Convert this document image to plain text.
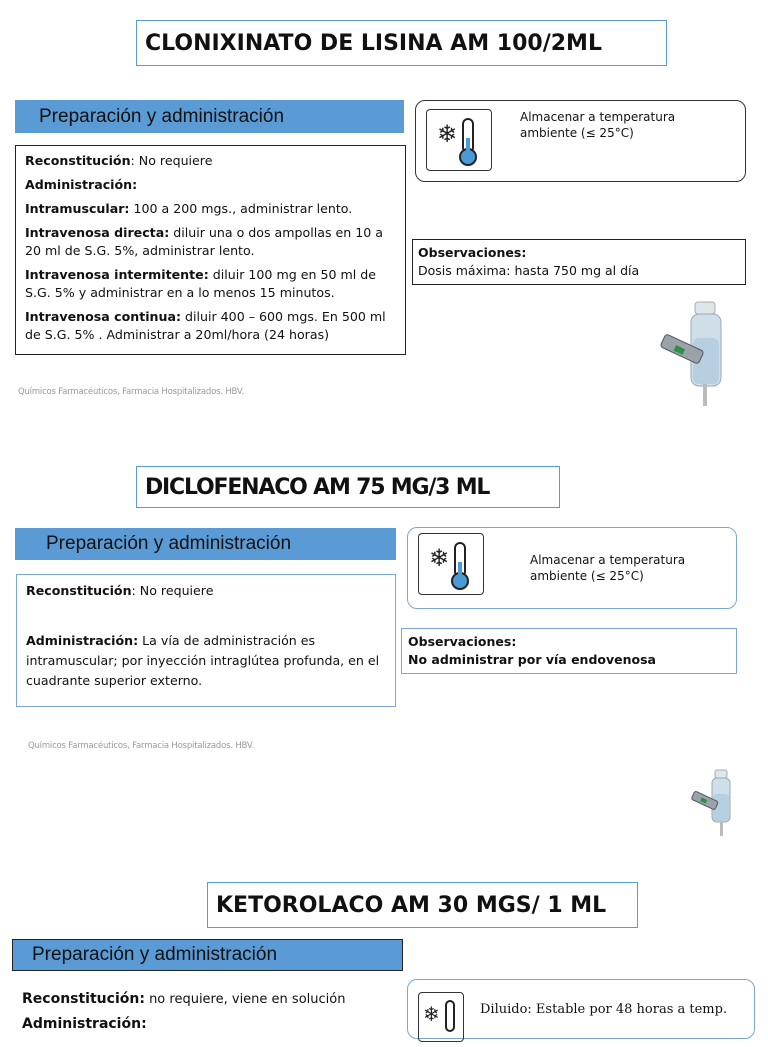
CLONIXINATO DE LISINA AM 100/2ML
Preparación y administración

Reconstitución: No requiere

Administración:

Intramuscular: 100 a 200 mgs., administrar lento.

Intravenosa directa: diluir una o dos ampollas en 10 a 20 ml de S.G. 5%, administrar lento.

Intravenosa intermitente: diluir 100 mg en 50 ml de S.G. 5% y administrar en a lo menos 15 minutos.

Intravenosa continua: diluir 400 – 600 mgs. En 500 ml de S.G. 5% . Administrar a 20ml/hora (24 horas)

❄
Almacenar a temperatura ambiente (≤ 25°C)
Observaciones:
Dosis máxima: hasta 750 mg al día
Químicos Farmacéuticos, Farmacia Hospitalizados. HBV.
DICLOFENACO AM 75 MG/3 ML
Preparación y administración

Reconstitución: No requiere

Administración: La vía de administración es intramuscular; por inyección intraglútea profunda, en el cuadrante superior externo.

❄	Almacenar a temperatura ambiente (≤ 25°C)
Observaciones:
No administrar por vía endovenosa
Químicos Farmacéuticos, Farmacia Hospitalizados. HBV.
KETOROLACO AM 30 MGS/ 1 ML
Preparación y administración

Reconstitución: no requiere, viene en solución

Administración:	❄	Diluido: Estable por 48 horas a temp.
